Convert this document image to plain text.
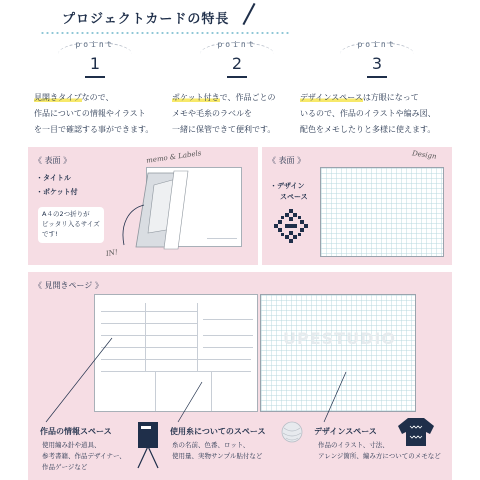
プロジェクトカードの特長
point
1
見開きタイプなので、
作品についての情報やイラスト
を一目で確認する事ができます。
point
2
ポケット付きで、作品ごとの
メモや毛糸のラベルを
一緒に保管できて便利です。
point
3
デザインスペースは方眼になって
いるので、作品のイラストや编み図、
配色をメモしたりと多様に使えます。
《 表面 》
・タイトル
・ポケット付
A４の2つ折りが
ピッタリ入るサイズ
です!
memo & Labels
IN!
《 表面 》
・デザイン
スペース
Design
《 見開きページ 》
UPESTUDIO
作品の情報スペース
使用編み針や道具、
参考書籍、作品デザイナー、
作品ゲージなど
使用糸についてのスペース
糸の名前、色番、ロット、
使用量、実物サンプル貼付など
デザインスペース
作品のイラスト、寸法、
アレンジ箇所、編み方についてのメモなど
